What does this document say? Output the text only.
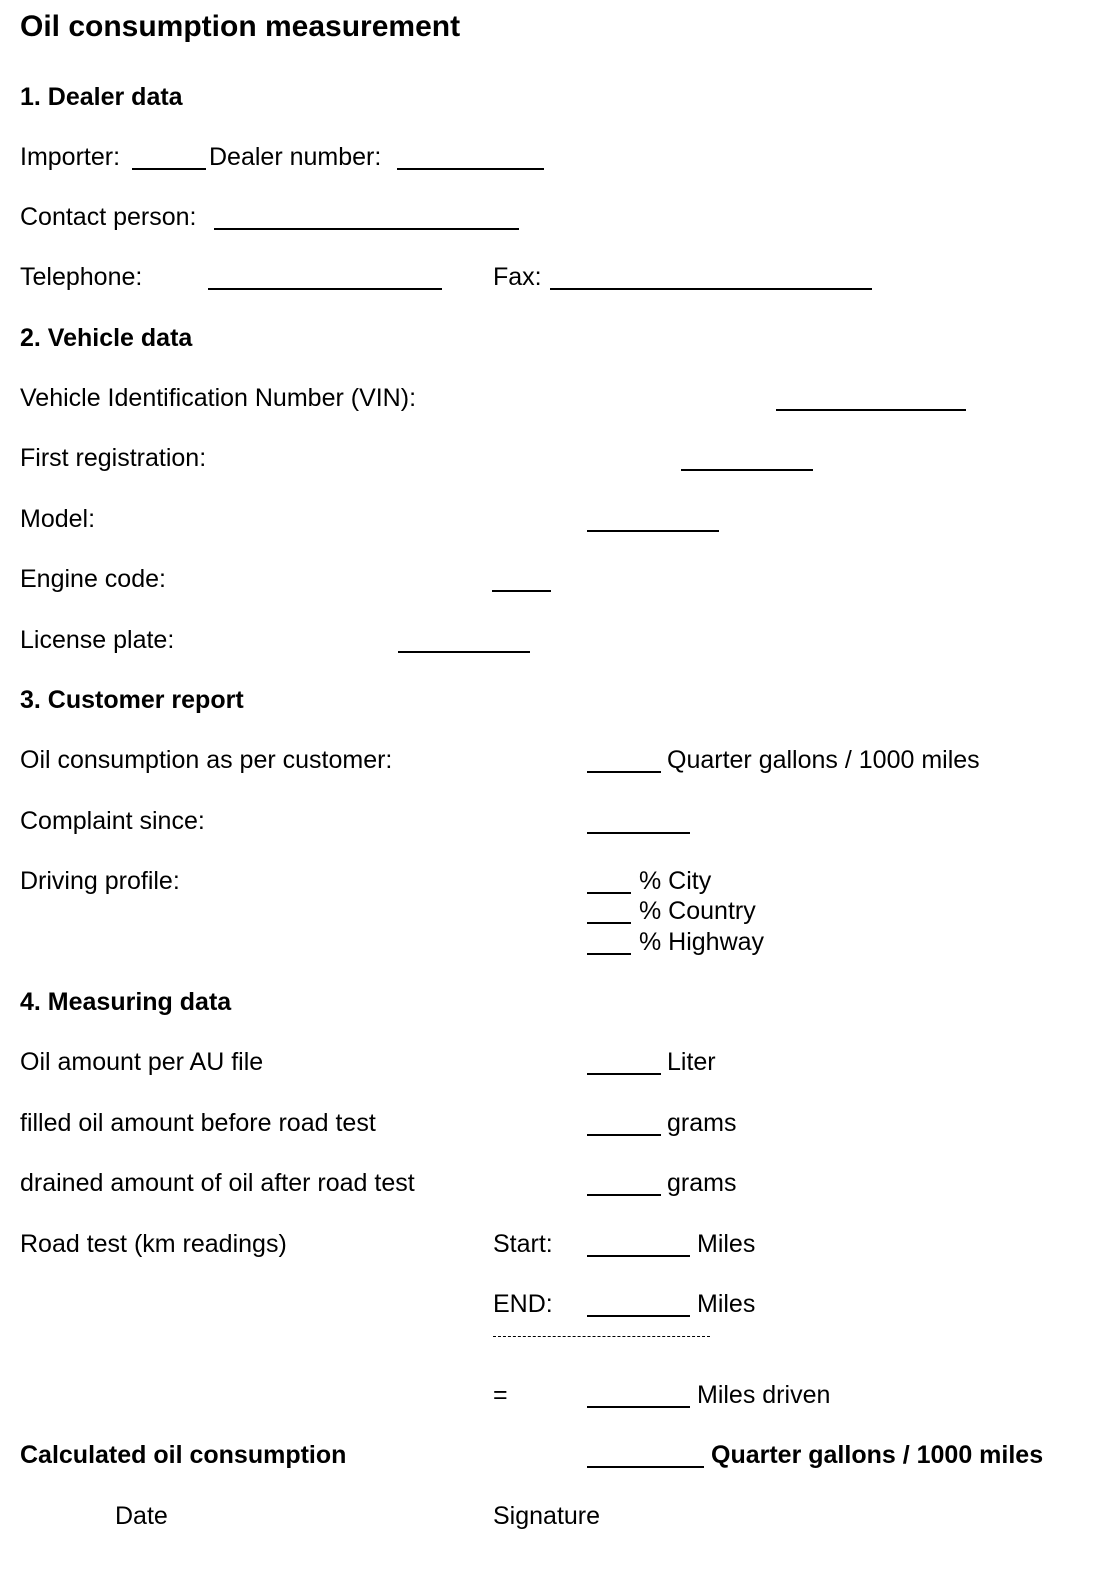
Oil consumption measurement
1. Dealer data
Importer:	Dealer number:
Contact person:
Telephone:	Fax:
2. Vehicle data
Vehicle Identification Number (VIN):
First registration:
Model:
Engine code:
License plate:
3. Customer report
Oil consumption as per customer:	Quarter gallons / 1000 miles
Complaint since:
Driving profile:	% City
% Country
% Highway
4. Measuring data
Oil amount per AU file	Liter
filled oil amount before road test	grams
drained amount of oil after road test	grams
Road test (km readings)	Start:	Miles
END:	Miles
=	Miles driven
Calculated oil consumption	Quarter gallons / 1000 miles
Date	Signature
